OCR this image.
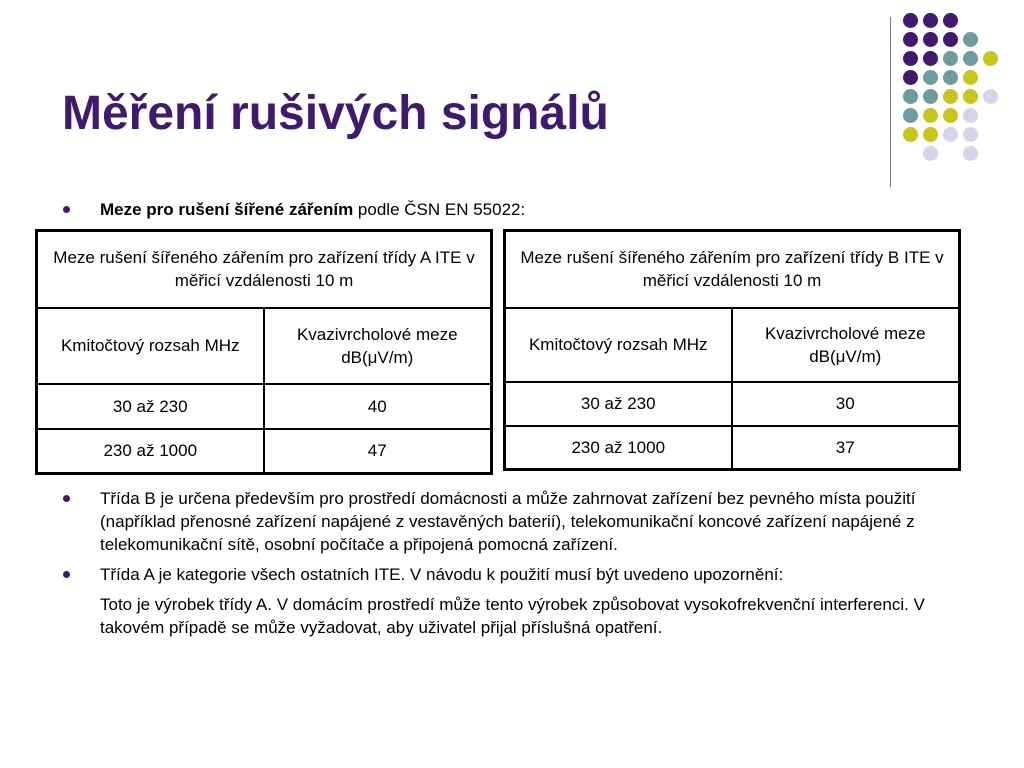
Měření rušivých signálů
Meze pro rušení šířené zářením podle ČSN EN 55022:
Meze rušení šířeného zářením pro zařízení třídy A ITE v měřicí vzdálenosti 10 m	
Kmitočtový rozsah MHz	Kvazivrcholové meze dB(μV/m)
30 až 230	40
230 až 1000	47
Meze rušení šířeného zářením pro zařízení třídy B ITE v měřicí vzdálenosti 10 m	
Kmitočtový rozsah MHz	Kvazivrcholové meze dB(μV/m)
30 až 230	30
230 až 1000	37
Třída B je určena především pro prostředí domácnosti a může zahrnovat zařízení bez pevného místa použití (například přenosné zařízení napájené z vestavěných baterií), telekomunikační koncové zařízení napájené z telekomunikační sítě, osobní počítače a připojená pomocná zařízení.
Třída A je kategorie všech ostatních ITE. V návodu k použití musí být uvedeno upozornění:
Toto je výrobek třídy A. V domácím prostředí může tento výrobek způsobovat vysokofrekvenční interferenci. V takovém případě se může vyžadovat, aby uživatel přijal příslušná opatření.
